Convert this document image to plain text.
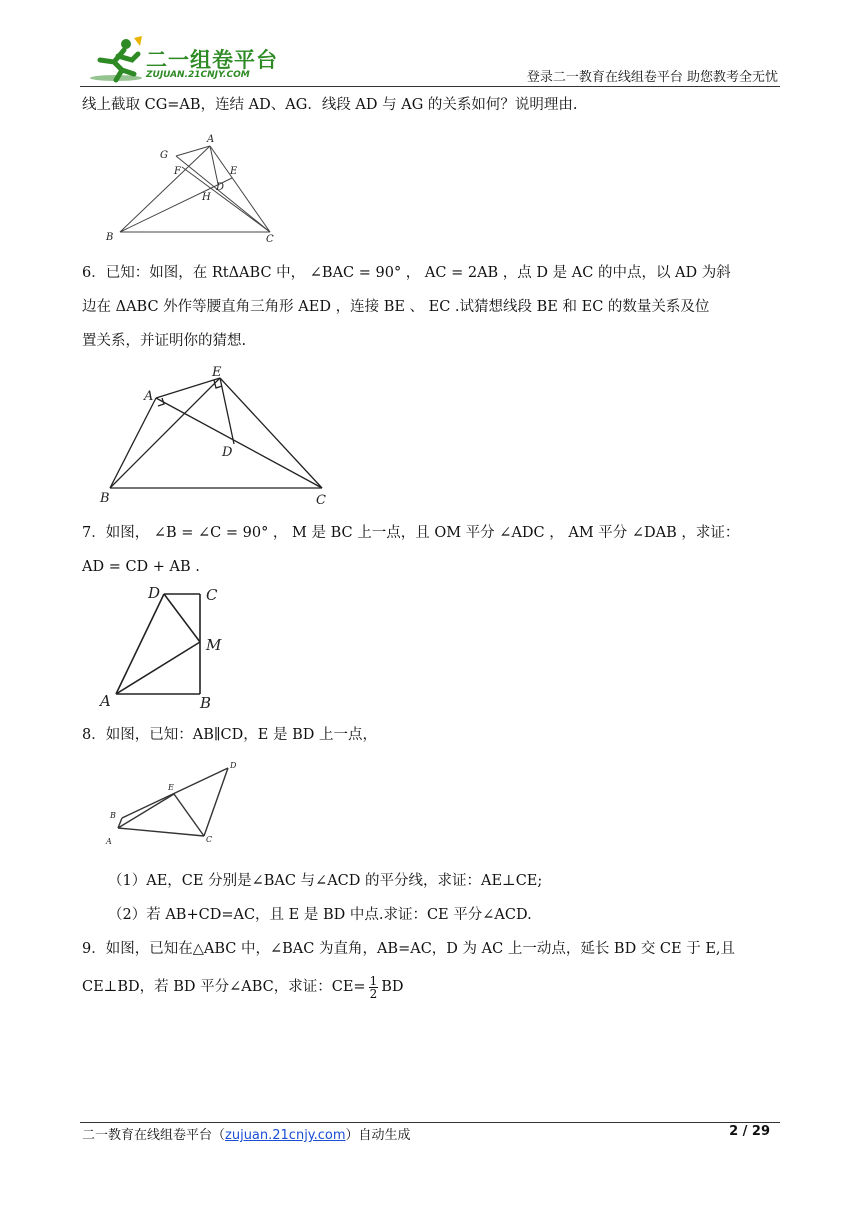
二一组卷平台
ZUJUAN.21CNJY.COM	登录二一教育在线组卷平台 助您教考全无忧
线上截取 CG=AB，连结 AD、AG．线段 AD 与 AG 的关系如何？说明理由.
A
G
F	E
D
H
B	C
6．已知：如图，在 RtΔABC 中， ∠BAC = 90° ， AC = 2AB ，点 D 是 AC 的中点，以 AD 为斜
边在 ΔABC 外作等腰直角三角形 AED ，连接 BE 、 EC .试猜想线段 BE 和 EC 的数量关系及位
置关系，并证明你的猜想.
A
E
D
B	C
7．如图， ∠B = ∠C = 90° ， M 是 BC 上一点，且 OM 平分 ∠ADC ， AM 平分 ∠DAB ，求证：
AD = CD + AB .
D	C
M
A	B
8．如图，已知：AB∥CD，E 是 BD 上一点，
D
E
B
A	C
（1）AE，CE 分别是∠BAC 与∠ACD 的平分线，求证：AE⊥CE;
（2）若 AB+CD=AC，且 E 是 BD 中点.求证：CE 平分∠ACD.
9．如图，已知在△ABC 中，∠BAC 为直角，AB=AC，D 为 AC 上一动点，延长 BD 交 CE 于 E,且
CE⊥BD，若 BD 平分∠ABC，求证：$CE= \frac{1}{2}$ BD
二一教育在线组卷平台（zujuan.21cnjy.com）自动生成	2 / 29
